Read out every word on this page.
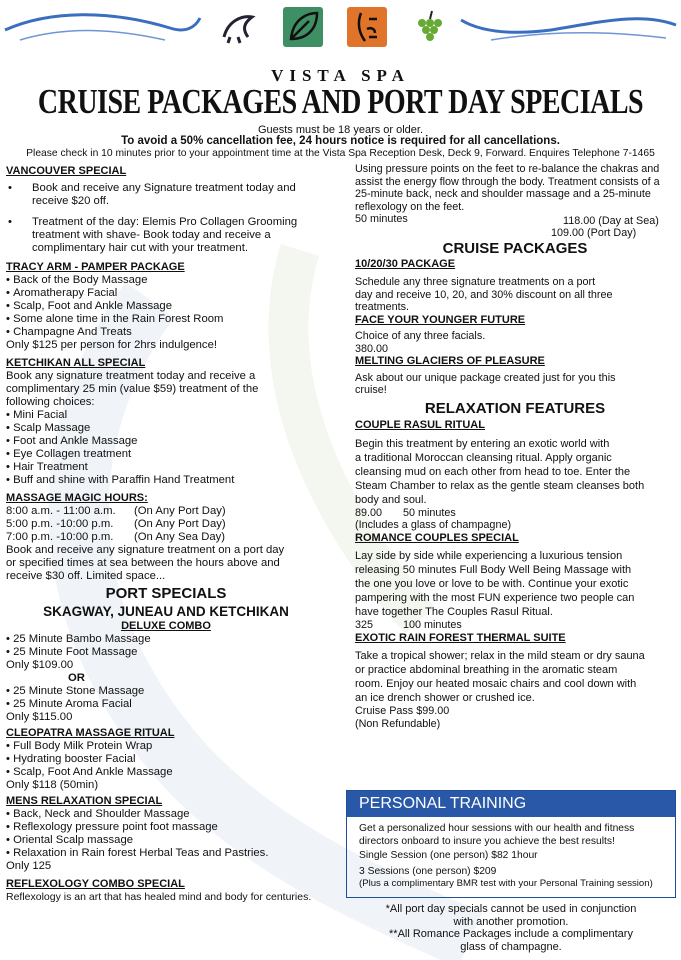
VISTA SPA
CRUISE PACKAGES AND PORT DAY SPECIALS
Guests must be 18 years or older.
To avoid a 50% cancellation fee, 24 hours notice is required for all cancellations.
Please check in 10 minutes prior to your appointment time at the Vista Spa Reception Desk, Deck 9, Forward. Enquires Telephone 7-1465
VANCOUVER SPECIAL
• Book and receive any Signature treatment today and
receive $20 off.
• Treatment of the day: Elemis Pro Collagen Grooming
treatment with shave- Book today and receive a
complimentary hair cut with your treatment.
TRACY ARM - PAMPER PACKAGE
• Back of the Body Massage
• Aromatherapy Facial
• Scalp, Foot and Ankle Massage
• Some alone time in the Rain Forest Room
• Champagne And Treats
Only $125 per person for 2hrs indulgence!
KETCHIKAN ALL SPECIAL
Book any signature treatment today and receive a
complimentary 25 min (value $59) treatment of the
following choices:
• Mini Facial
• Scalp Massage
• Foot and Ankle Massage
• Eye Collagen treatment
• Hair Treatment
• Buff and shine with Paraffin Hand Treatment
MASSAGE MAGIC HOURS:
8:00 a.m. - 11:00 a.m. (On Any Port Day)
5:00 p.m. -10:00 p.m. (On Any Port Day)
7:00 p.m. -10:00 p.m. (On Any Sea Day)
Book and receive any signature treatment on a port day
or specified times at sea between the hours above and
receive $30 off. Limited space...
PORT SPECIALS
SKAGWAY, JUNEAU AND KETCHIKAN
DELUXE COMBO
• 25 Minute Bambo Massage
• 25 Minute Foot Massage
Only $109.00
OR
• 25 Minute Stone Massage
• 25 Minute Aroma Facial
Only $115.00
CLEOPATRA MASSAGE RITUAL
• Full Body Milk Protein Wrap
• Hydrating booster Facial
• Scalp, Foot And Ankle Massage
Only $118 (50min)
MENS RELAXATION SPECIAL
• Back, Neck and Shoulder Massage
• Reflexology pressure point foot massage
• Oriental Scalp massage
• Relaxation in Rain forest Herbal Teas and Pastries.
Only 125
REFLEXOLOGY COMBO SPECIAL
Reflexology is an art that has healed mind and body for centuries.
Using pressure points on the feet to re-balance the chakras and
assist the energy flow through the body. Treatment consists of a
25-minute back, neck and shoulder massage and a 25-minute
reflexology on the feet.
50 minutes	118.00 (Day at Sea)
109.00 (Port Day)
CRUISE PACKAGES
10/20/30 PACKAGE
Schedule any three signature treatments on a port
day and receive 10, 20, and 30% discount on all three
treatments.
FACE YOUR YOUNGER FUTURE
Choice of any three facials.
380.00
MELTING GLACIERS OF PLEASURE
Ask about our unique package created just for you this
cruise!
RELAXATION FEATURES
COUPLE RASUL RITUAL
Begin this treatment by entering an exotic world with
a traditional Moroccan cleansing ritual. Apply organic
cleansing mud on each other from head to toe. Enter the
Steam Chamber to relax as the gentle steam cleanses both
body and soul.
89.00 50 minutes
(Includes a glass of champagne)
ROMANCE COUPLES SPECIAL
Lay side by side while experiencing a luxurious tension
releasing 50 minutes Full Body Well Being Massage with
the one you love or love to be with. Continue your exotic
pampering with the most FUN experience two people can
have together The Couples Rasul Ritual.
325	100 minutes
EXOTIC RAIN FOREST THERMAL SUITE
Take a tropical shower; relax in the mild steam or dry sauna
or practice abdominal breathing in the aromatic steam
room. Enjoy our heated mosaic chairs and cool down with
an ice drench shower or crushed ice.
Cruise Pass $99.00
(Non Refundable)
PERSONAL TRAINING
Get a personalized hour sessions with our health and fitness
directors onboard to insure you achieve the best results!
Single Session (one person) $82 1hour
3 Sessions (one person) $209
(Plus a complimentary BMR test with your Personal Training session)
*All port day specials cannot be used in conjunction
with another promotion.
**All Romance Packages include a complimentary
glass of champagne.
